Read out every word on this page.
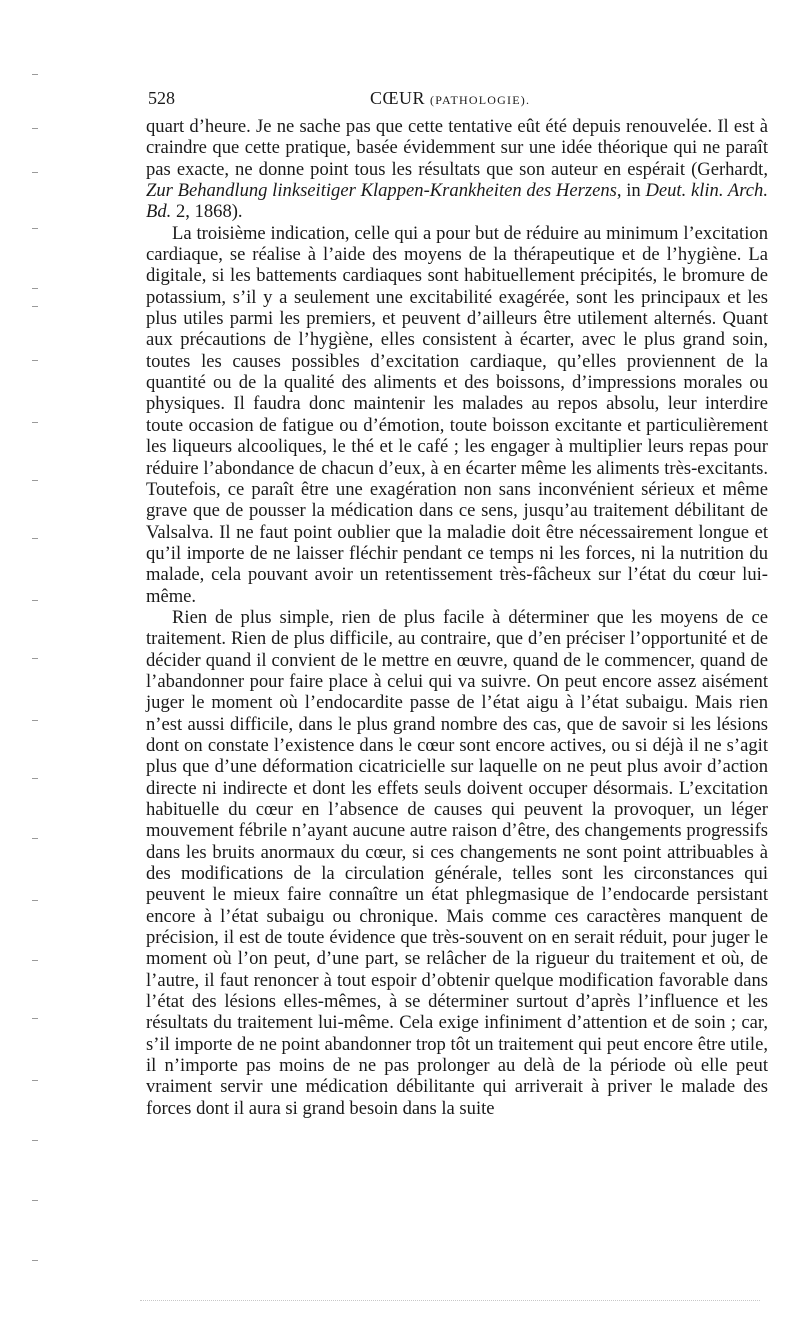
528	CŒUR (PATHOLOGIE).

quart d’heure. Je ne sache pas que cette tentative eût été depuis renouvelée. Il est à craindre que cette pratique, basée évidemment sur une idée théorique qui ne paraît pas exacte, ne donne point tous les résultats que son auteur en espérait (Gerhardt, Zur Behandlung linkseitiger Klappen-Krankheiten des Herzens, in Deut. klin. Arch. Bd. 2, 1868).

La troisième indication, celle qui a pour but de réduire au minimum l’excitation cardiaque, se réalise à l’aide des moyens de la thérapeutique et de l’hygiène. La digitale, si les battements cardiaques sont habituellement précipités, le bromure de potassium, s’il y a seulement une excitabilité exagérée, sont les principaux et les plus utiles parmi les premiers, et peuvent d’ailleurs être utilement alternés. Quant aux précautions de l’hygiène, elles consistent à écarter, avec le plus grand soin, toutes les causes possibles d’excitation cardiaque, qu’elles proviennent de la quantité ou de la qualité des aliments et des boissons, d’impressions morales ou physiques. Il faudra donc maintenir les malades au repos absolu, leur interdire toute occasion de fatigue ou d’émotion, toute boisson excitante et particulièrement les liqueurs alcooliques, le thé et le café ; les engager à multiplier leurs repas pour réduire l’abondance de chacun d’eux, à en écarter même les aliments très-excitants. Toutefois, ce paraît être une exagération non sans inconvénient sérieux et même grave que de pousser la médication dans ce sens, jusqu’au traitement débilitant de Valsalva. Il ne faut point oublier que la maladie doit être nécessairement longue et qu’il importe de ne laisser fléchir pendant ce temps ni les forces, ni la nutrition du malade, cela pouvant avoir un retentissement très-fâcheux sur l’état du cœur lui-même.

Rien de plus simple, rien de plus facile à déterminer que les moyens de ce traitement. Rien de plus difficile, au contraire, que d’en préciser l’opportunité et de décider quand il convient de le mettre en œuvre, quand de le commencer, quand de l’abandonner pour faire place à celui qui va suivre. On peut encore assez aisément juger le moment où l’endocardite passe de l’état aigu à l’état subaigu. Mais rien n’est aussi difficile, dans le plus grand nombre des cas, que de savoir si les lésions dont on constate l’existence dans le cœur sont encore actives, ou si déjà il ne s’agit plus que d’une déformation cicatricielle sur laquelle on ne peut plus avoir d’action directe ni indirecte et dont les effets seuls doivent occuper désormais. L’excitation habituelle du cœur en l’absence de causes qui peuvent la provoquer, un léger mouvement fébrile n’ayant aucune autre raison d’être, des changements progressifs dans les bruits anormaux du cœur, si ces changements ne sont point attribuables à des modifications de la circulation générale, telles sont les circonstances qui peuvent le mieux faire connaître un état phlegmasique de l’endocarde persistant encore à l’état subaigu ou chronique. Mais comme ces caractères manquent de précision, il est de toute évidence que très-souvent on en serait réduit, pour juger le moment où l’on peut, d’une part, se relâcher de la rigueur du traitement et où, de l’autre, il faut renoncer à tout espoir d’obtenir quelque modification favorable dans l’état des lésions elles-mêmes, à se déterminer surtout d’après l’influence et les résultats du traitement lui-même. Cela exige infiniment d’attention et de soin ; car, s’il importe de ne point abandonner trop tôt un traitement qui peut encore être utile, il n’importe pas moins de ne pas prolonger au delà de la période où elle peut vraiment servir une médication débilitante qui arriverait à priver le malade des forces dont il aura si grand besoin dans la suite
